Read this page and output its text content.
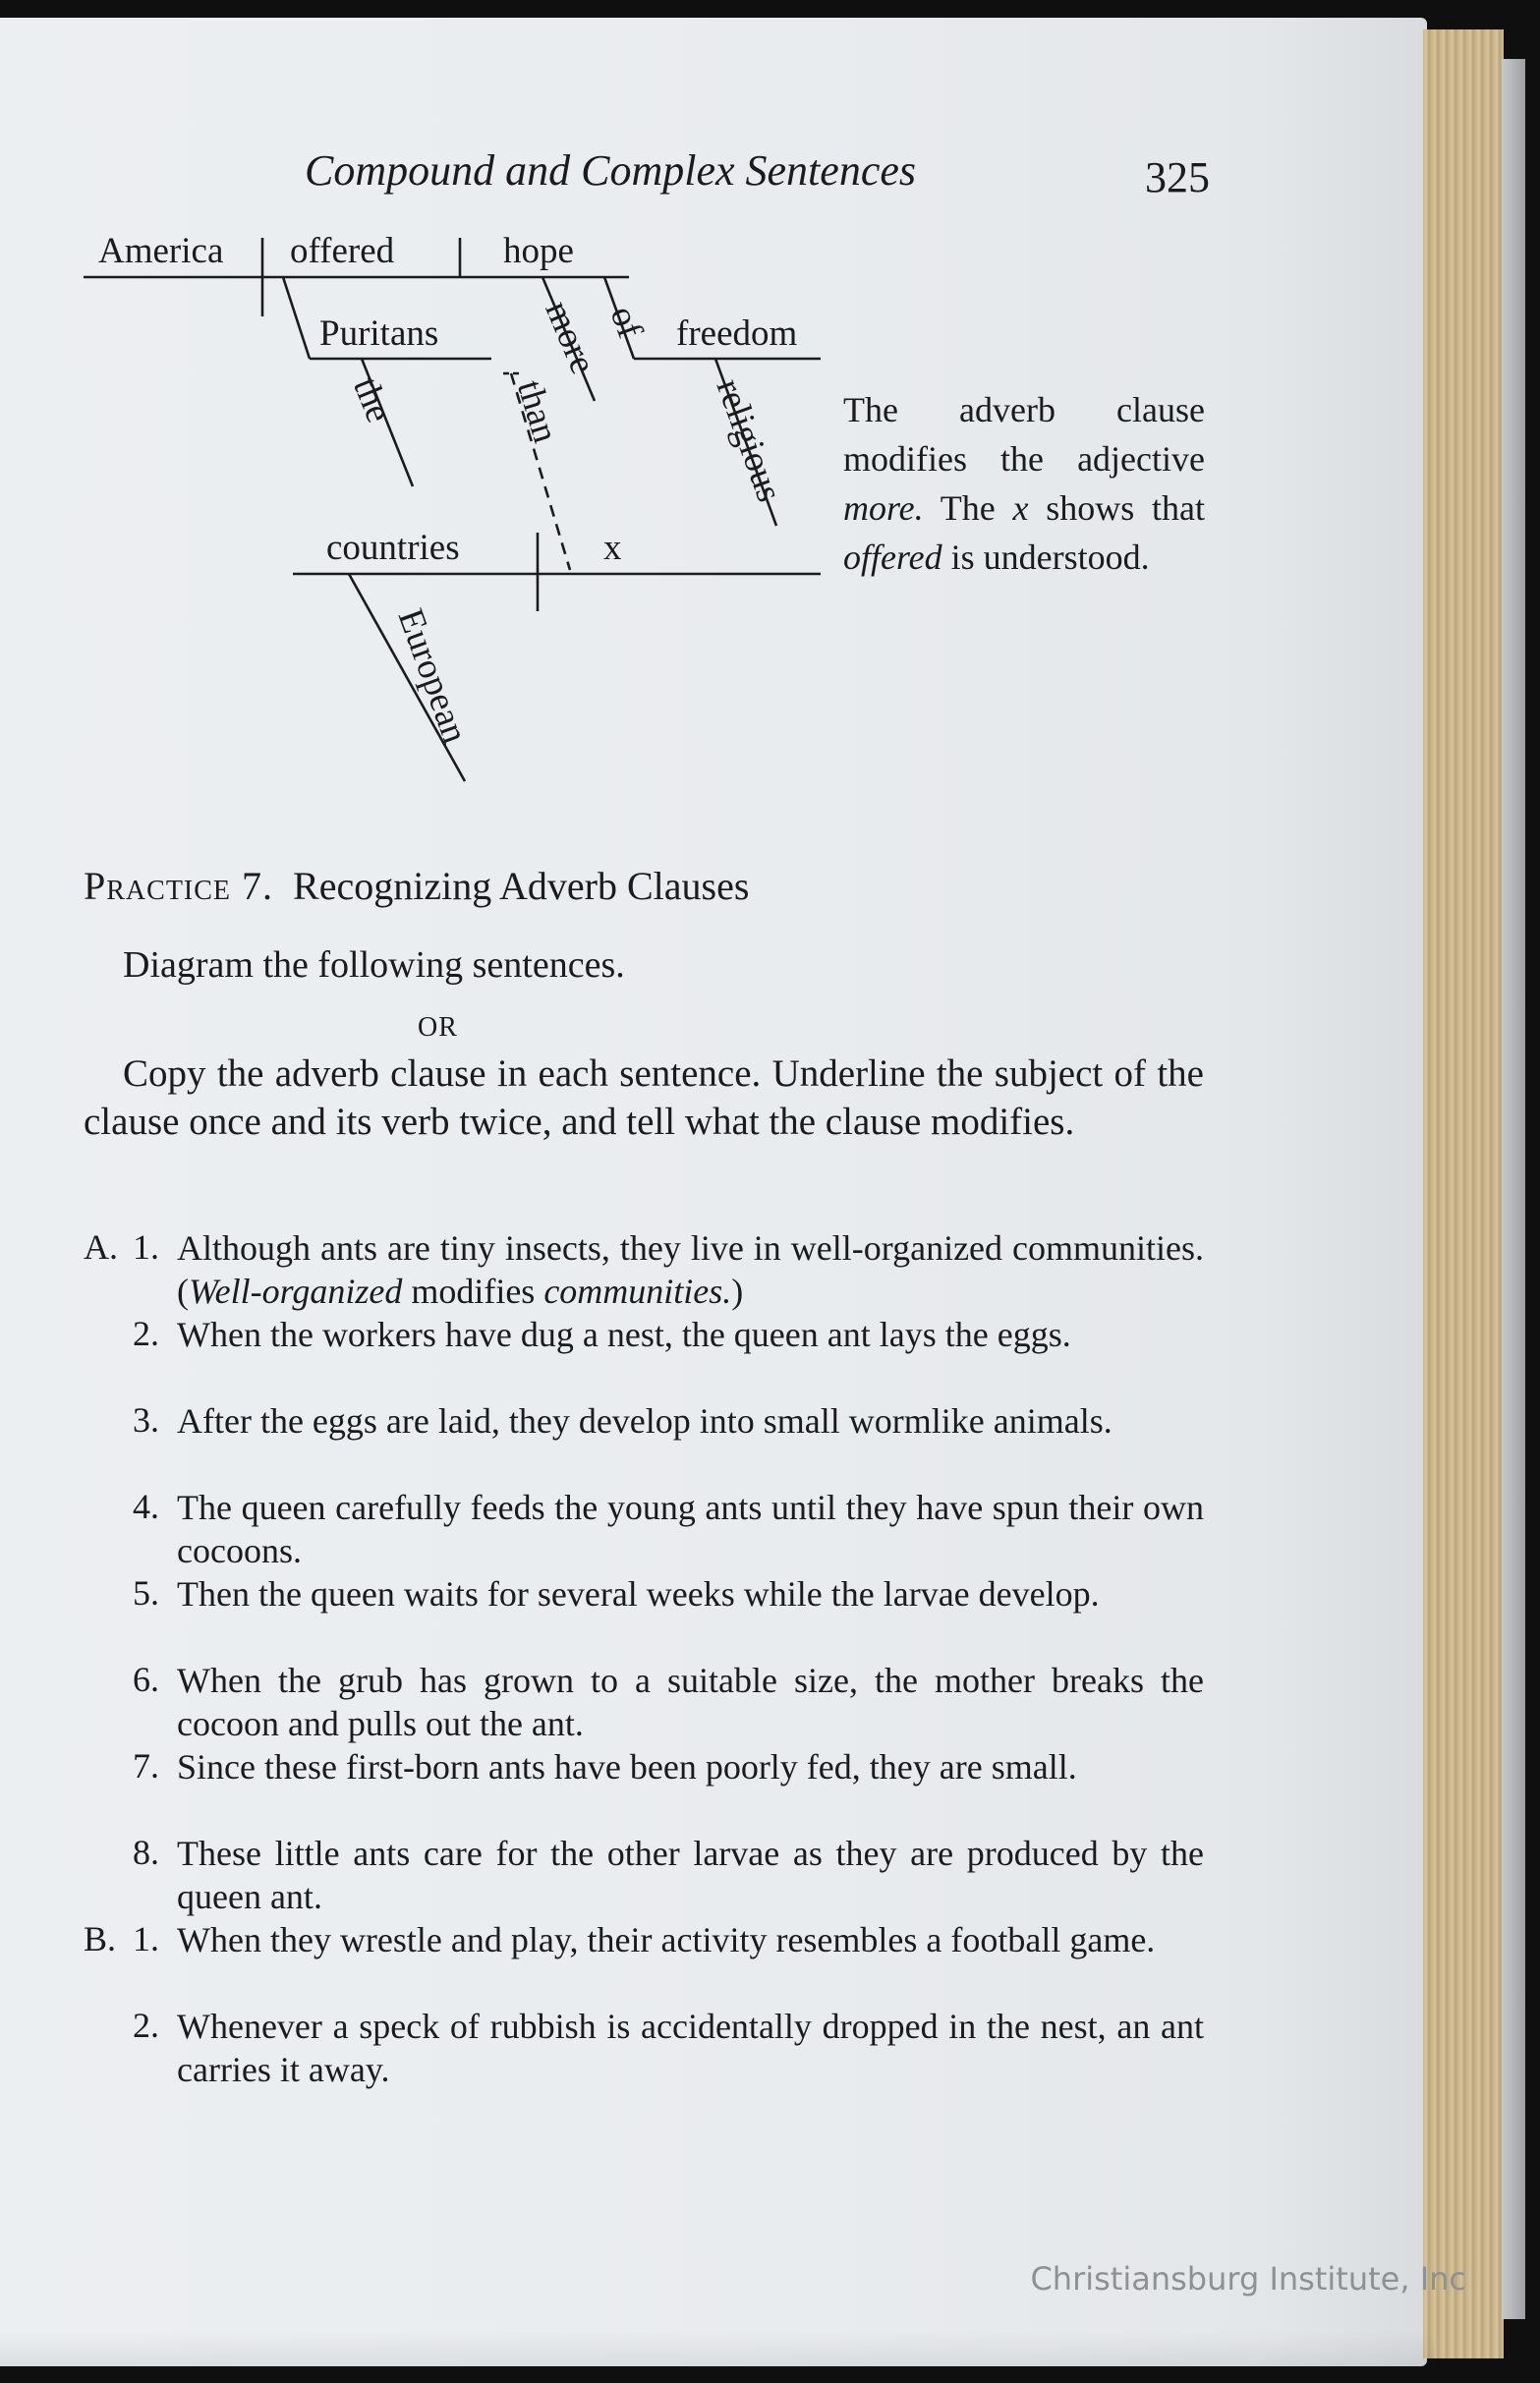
Compound and Complex Sentences	325
America offered	hope
Puritans
the
more
than
of freedom
religious
countries	x
European
The adverb clause modifies the adjective more. The x shows that offered is understood.
Practice 7. Recognizing Adverb Clauses
Diagram the following sentences.
OR
Copy the adverb clause in each sentence. Underline the subject of the clause once and its verb twice, and tell what the clause modifies.
A. 1. Although ants are tiny insects, they live in well-organized communities. (Well-organized modifies communities.)
2. When the workers have dug a nest, the queen ant lays the eggs.
3. After the eggs are laid, they develop into small wormlike animals.
4. The queen carefully feeds the young ants until they have spun their own cocoons.
5. Then the queen waits for several weeks while the larvae develop.
6. When the grub has grown to a suitable size, the mother breaks the cocoon and pulls out the ant.
7. Since these first-born ants have been poorly fed, they are small.
8. These little ants care for the other larvae as they are produced by the queen ant.
B. 1. When they wrestle and play, their activity resembles a football game.
2. Whenever a speck of rubbish is accidentally dropped in the nest, an ant carries it away.
Christiansburg Institute, Inc
